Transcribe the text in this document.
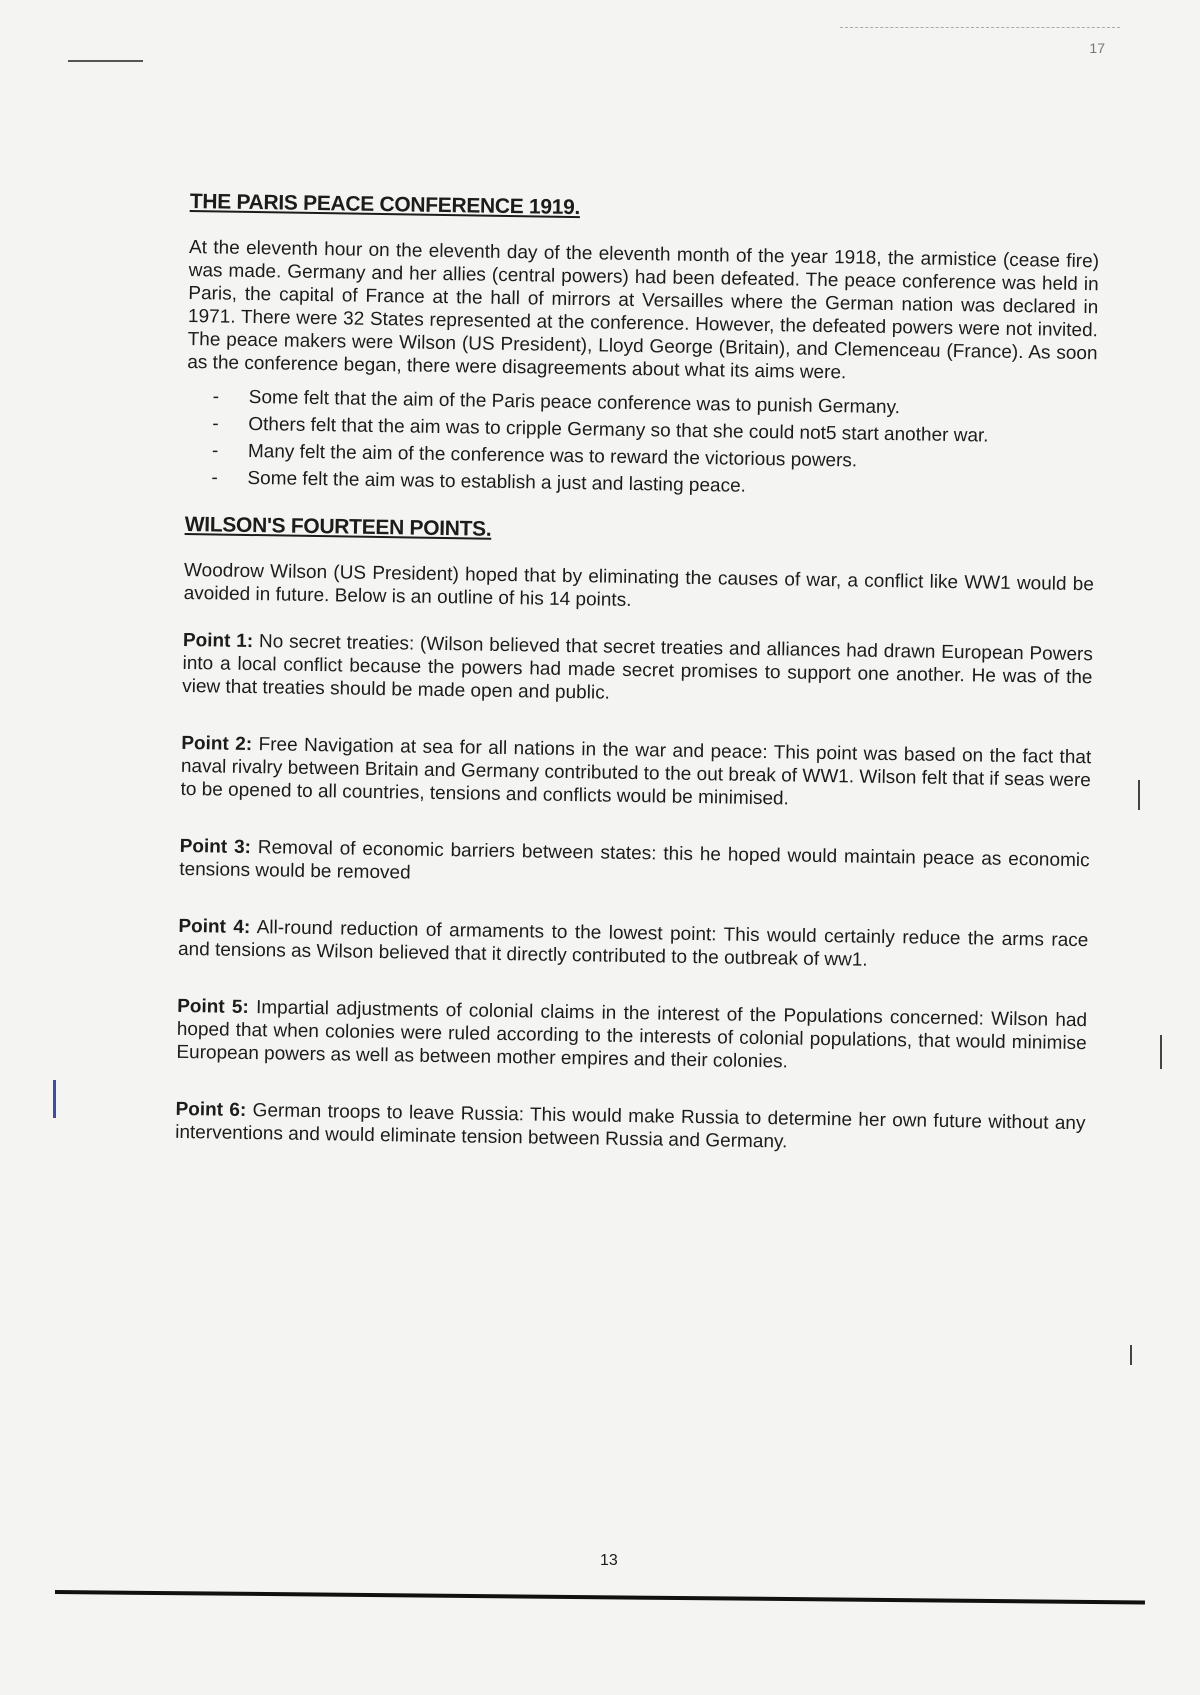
17
THE PARIS PEACE CONFERENCE 1919.

At the eleventh hour on the eleventh day of the eleventh month of the year 1918, the armistice (cease fire) was made. Germany and her allies (central powers) had been defeated. The peace conference was held in Paris, the capital of France at the hall of mirrors at Versailles where the German nation was declared in 1971. There were 32 States represented at the conference. However, the defeated powers were not invited. The peace makers were Wilson (US President), Lloyd George (Britain), and Clemenceau (France). As soon as the conference began, there were disagreements about what its aims were.

- Some felt that the aim of the Paris peace conference was to punish Germany.
- Others felt that the aim was to cripple Germany so that she could not5 start another war.
- Many felt the aim of the conference was to reward the victorious powers.
- Some felt the aim was to establish a just and lasting peace.
WILSON'S FOURTEEN POINTS.

Woodrow Wilson (US President) hoped that by eliminating the causes of war, a conflict like WW1 would be avoided in future. Below is an outline of his 14 points.

Point 1: No secret treaties: (Wilson believed that secret treaties and alliances had drawn European Powers into a local conflict because the powers had made secret promises to support one another. He was of the view that treaties should be made open and public.

Point 2: Free Navigation at sea for all nations in the war and peace: This point was based on the fact that naval rivalry between Britain and Germany contributed to the out break of WW1. Wilson felt that if seas were to be opened to all countries, tensions and conflicts would be minimised.

Point 3: Removal of economic barriers between states: this he hoped would maintain peace as economic tensions would be removed

Point 4: All-round reduction of armaments to the lowest point: This would certainly reduce the arms race and tensions as Wilson believed that it directly contributed to the outbreak of ww1.

Point 5: Impartial adjustments of colonial claims in the interest of the Populations concerned: Wilson had hoped that when colonies were ruled according to the interests of colonial populations, that would minimise European powers as well as between mother empires and their colonies.

Point 6: German troops to leave Russia: This would make Russia to determine her own future without any interventions and would eliminate tension between Russia and Germany.

13
